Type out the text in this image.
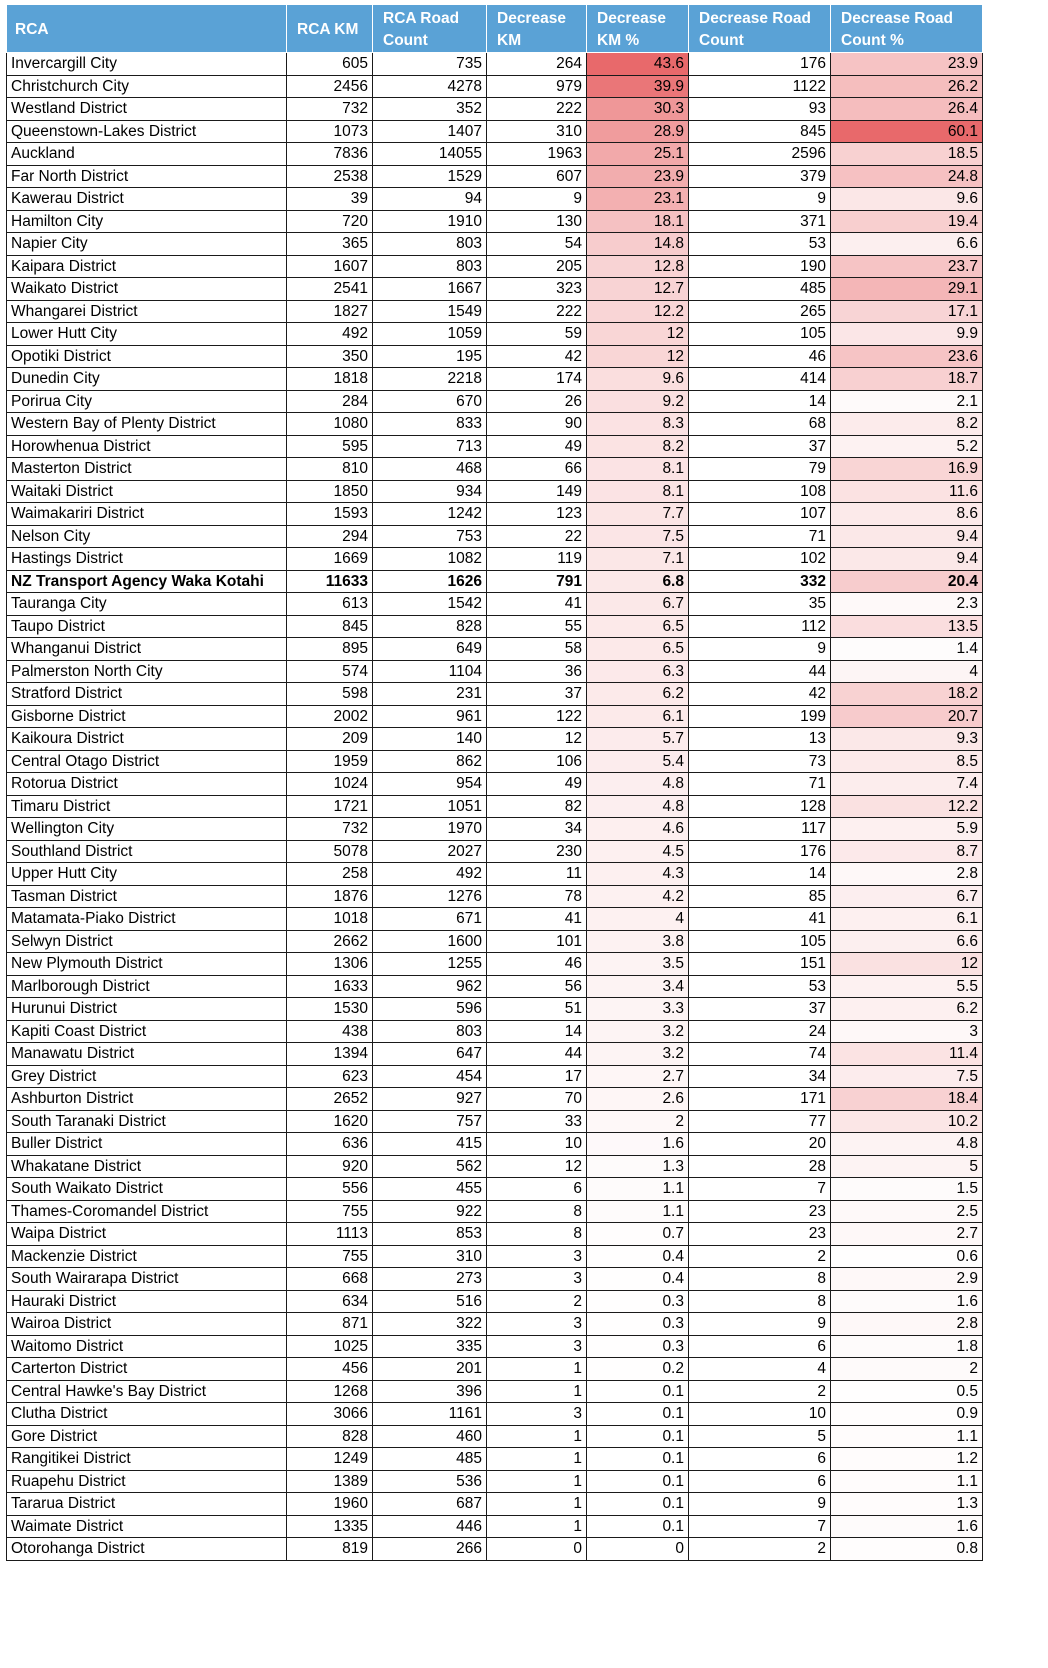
RCA	RCA KM	RCA Road Count	Decrease KM	Decrease KM %	Decrease Road Count	Decrease Road Count %
Invercargill City	605	735	264	43.6	176	23.9
Christchurch City	2456	4278	979	39.9	1122	26.2
Westland District	732	352	222	30.3	93	26.4
Queenstown-Lakes District	1073	1407	310	28.9	845	60.1
Auckland	7836	14055	1963	25.1	2596	18.5
Far North District	2538	1529	607	23.9	379	24.8
Kawerau District	39	94	9	23.1	9	9.6
Hamilton City	720	1910	130	18.1	371	19.4
Napier City	365	803	54	14.8	53	6.6
Kaipara District	1607	803	205	12.8	190	23.7
Waikato District	2541	1667	323	12.7	485	29.1
Whangarei District	1827	1549	222	12.2	265	17.1
Lower Hutt City	492	1059	59	12	105	9.9
Opotiki District	350	195	42	12	46	23.6
Dunedin City	1818	2218	174	9.6	414	18.7
Porirua City	284	670	26	9.2	14	2.1
Western Bay of Plenty District	1080	833	90	8.3	68	8.2
Horowhenua District	595	713	49	8.2	37	5.2
Masterton District	810	468	66	8.1	79	16.9
Waitaki District	1850	934	149	8.1	108	11.6
Waimakariri District	1593	1242	123	7.7	107	8.6
Nelson City	294	753	22	7.5	71	9.4
Hastings District	1669	1082	119	7.1	102	9.4
NZ Transport Agency Waka Kotahi	11633	1626	791	6.8	332	20.4
Tauranga City	613	1542	41	6.7	35	2.3
Taupo District	845	828	55	6.5	112	13.5
Whanganui District	895	649	58	6.5	9	1.4
Palmerston North City	574	1104	36	6.3	44	4
Stratford District	598	231	37	6.2	42	18.2
Gisborne District	2002	961	122	6.1	199	20.7
Kaikoura District	209	140	12	5.7	13	9.3
Central Otago District	1959	862	106	5.4	73	8.5
Rotorua District	1024	954	49	4.8	71	7.4
Timaru District	1721	1051	82	4.8	128	12.2
Wellington City	732	1970	34	4.6	117	5.9
Southland District	5078	2027	230	4.5	176	8.7
Upper Hutt City	258	492	11	4.3	14	2.8
Tasman District	1876	1276	78	4.2	85	6.7
Matamata-Piako District	1018	671	41	4	41	6.1
Selwyn District	2662	1600	101	3.8	105	6.6
New Plymouth District	1306	1255	46	3.5	151	12
Marlborough District	1633	962	56	3.4	53	5.5
Hurunui District	1530	596	51	3.3	37	6.2
Kapiti Coast District	438	803	14	3.2	24	3
Manawatu District	1394	647	44	3.2	74	11.4
Grey District	623	454	17	2.7	34	7.5
Ashburton District	2652	927	70	2.6	171	18.4
South Taranaki District	1620	757	33	2	77	10.2
Buller District	636	415	10	1.6	20	4.8
Whakatane District	920	562	12	1.3	28	5
South Waikato District	556	455	6	1.1	7	1.5
Thames-Coromandel District	755	922	8	1.1	23	2.5
Waipa District	1113	853	8	0.7	23	2.7
Mackenzie District	755	310	3	0.4	2	0.6
South Wairarapa District	668	273	3	0.4	8	2.9
Hauraki District	634	516	2	0.3	8	1.6
Wairoa District	871	322	3	0.3	9	2.8
Waitomo District	1025	335	3	0.3	6	1.8
Carterton District	456	201	1	0.2	4	2
Central Hawke's Bay District	1268	396	1	0.1	2	0.5
Clutha District	3066	1161	3	0.1	10	0.9
Gore District	828	460	1	0.1	5	1.1
Rangitikei District	1249	485	1	0.1	6	1.2
Ruapehu District	1389	536	1	0.1	6	1.1
Tararua District	1960	687	1	0.1	9	1.3
Waimate District	1335	446	1	0.1	7	1.6
Otorohanga District	819	266	0	0	2	0.8
